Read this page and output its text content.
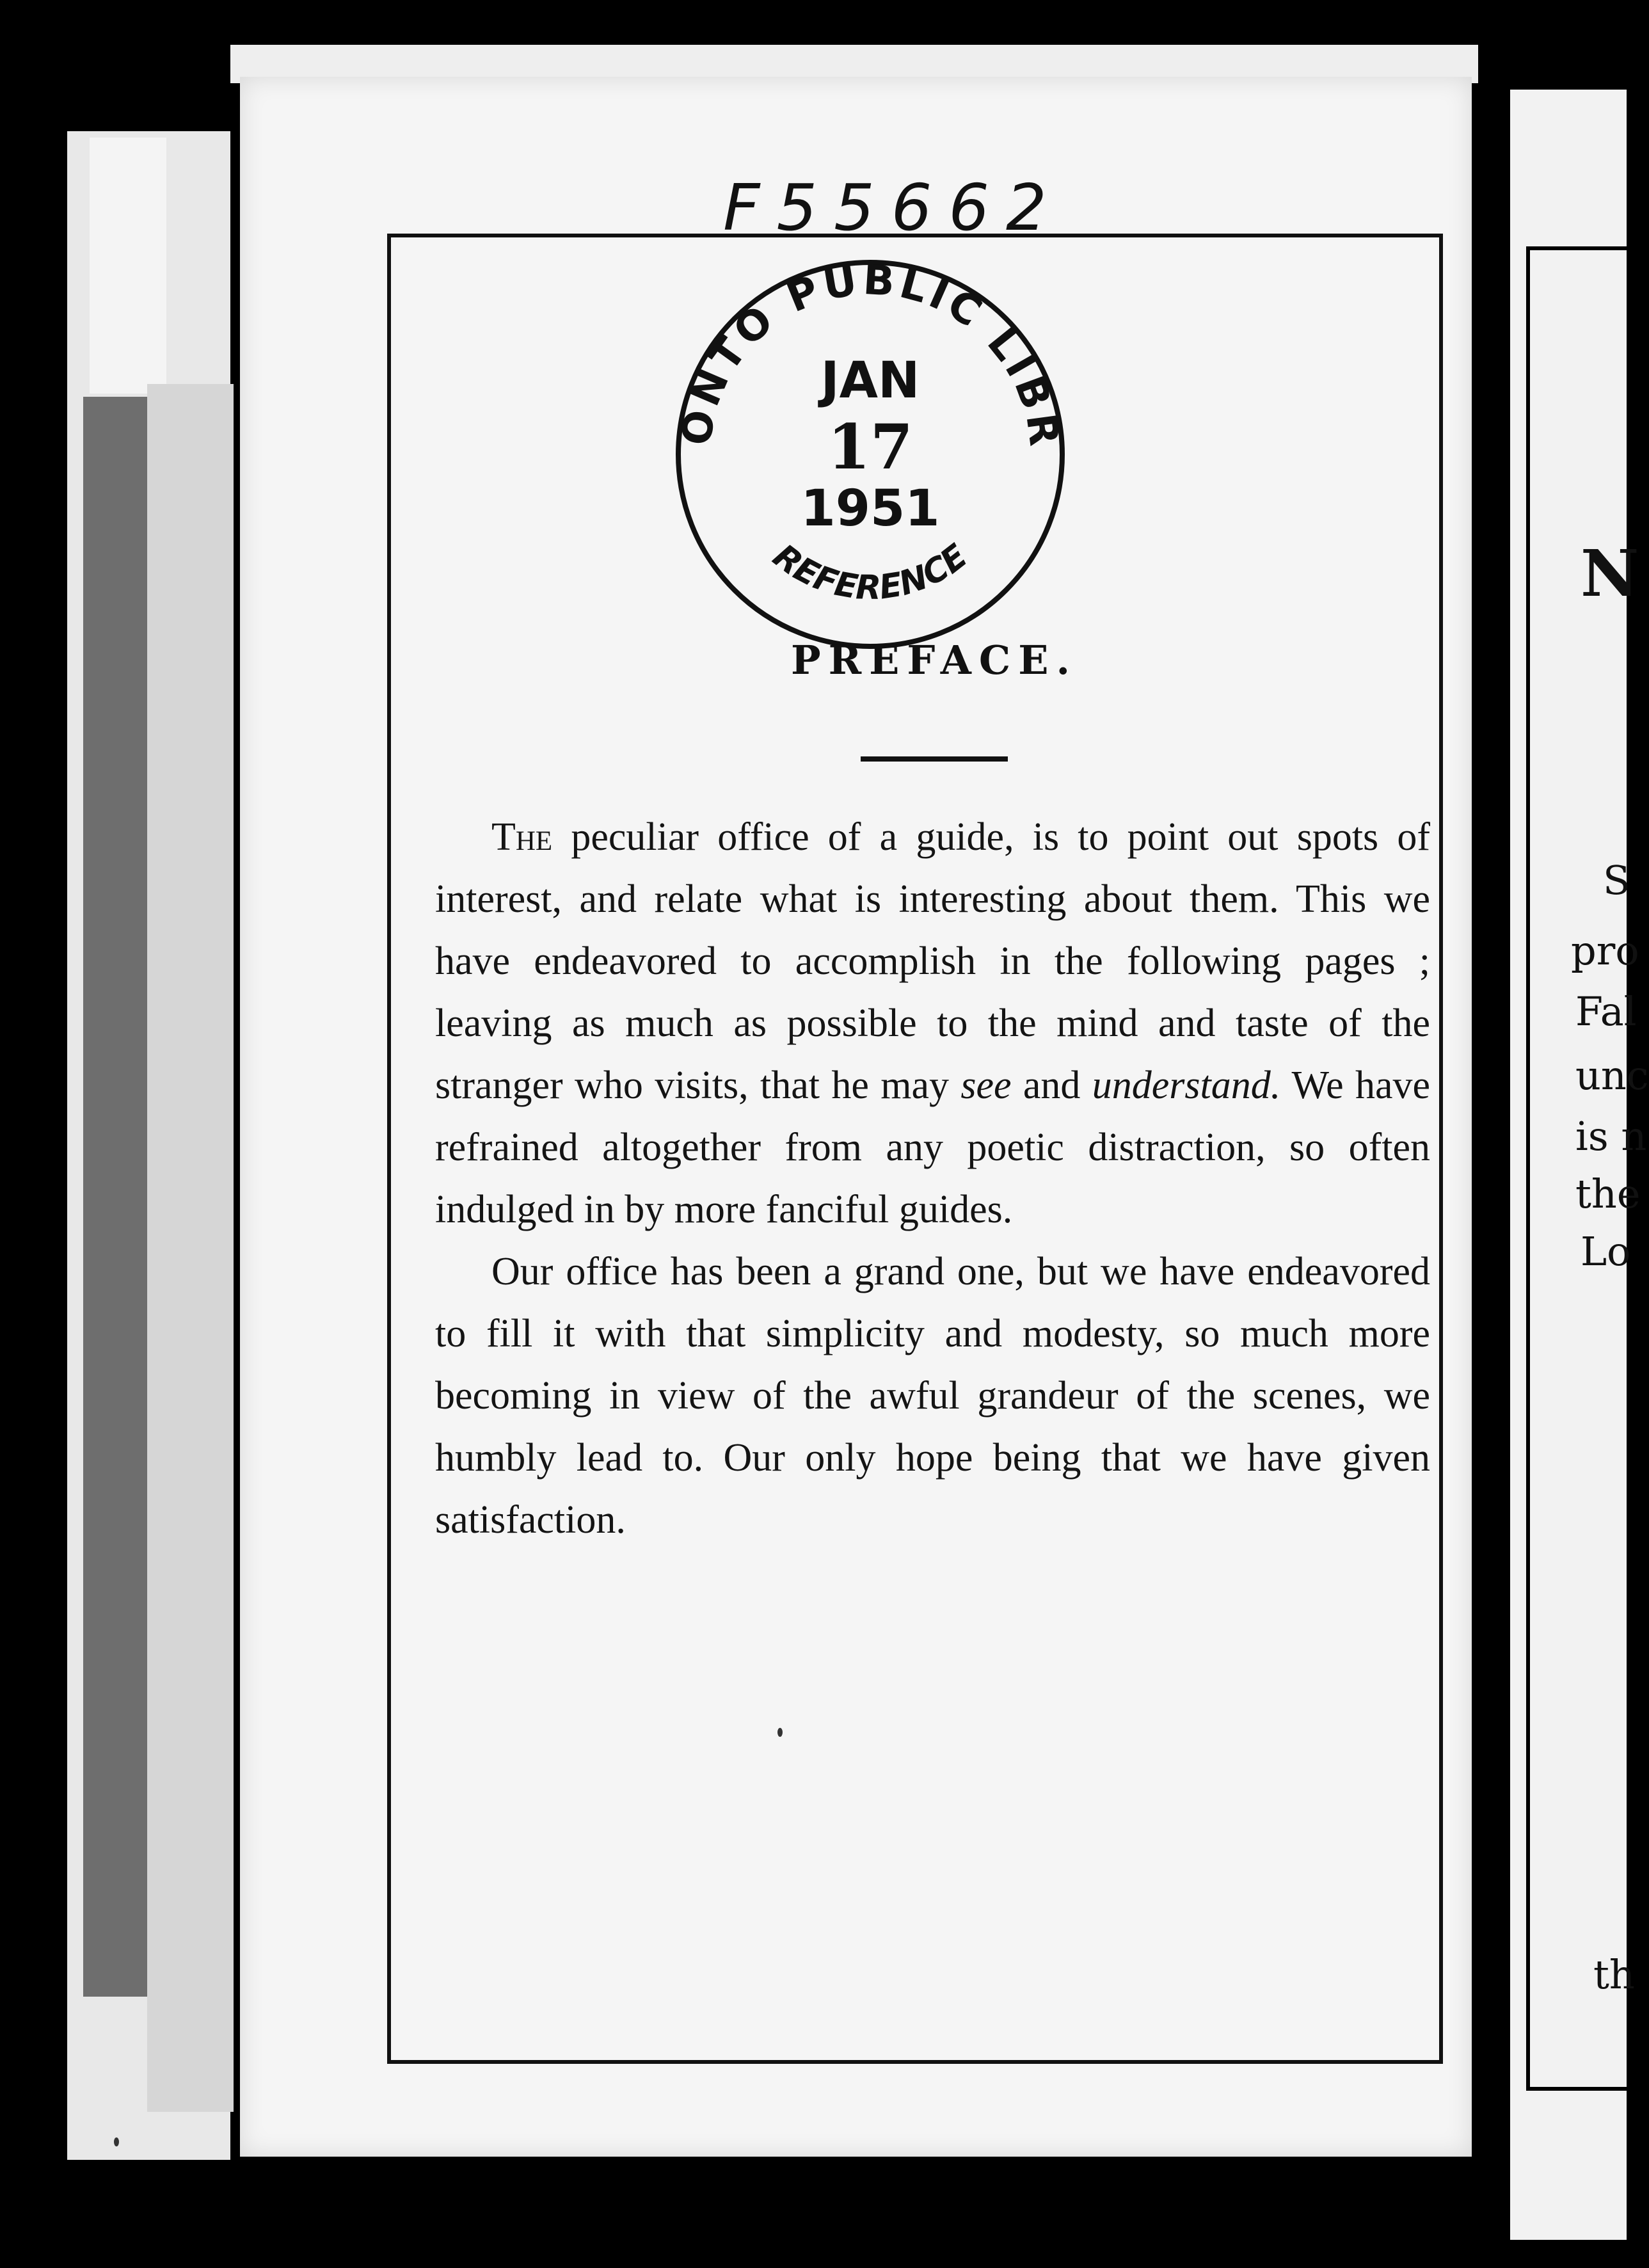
N
S
pro
Fal
unc
is n
the
Lo
th
F55662
ONTO PUBLIC LIBR
REFERENCE
JAN
17
1951
PREFACE.

The peculiar office of a guide, is to point out spots of interest, and relate what is interesting about them. This we have endeavored to accomplish in the following pages ; leaving as much as possible to the mind and taste of the stranger who visits, that he may see and understand. We have refrained altogether from any poetic distraction, so often indulged in by more fanciful guides.

Our office has been a grand one, but we have endeavored to fill it with that simplicity and modesty, so much more becoming in view of the awful grandeur of the scenes, we humbly lead to. Our only hope being that we have given satisfaction.
